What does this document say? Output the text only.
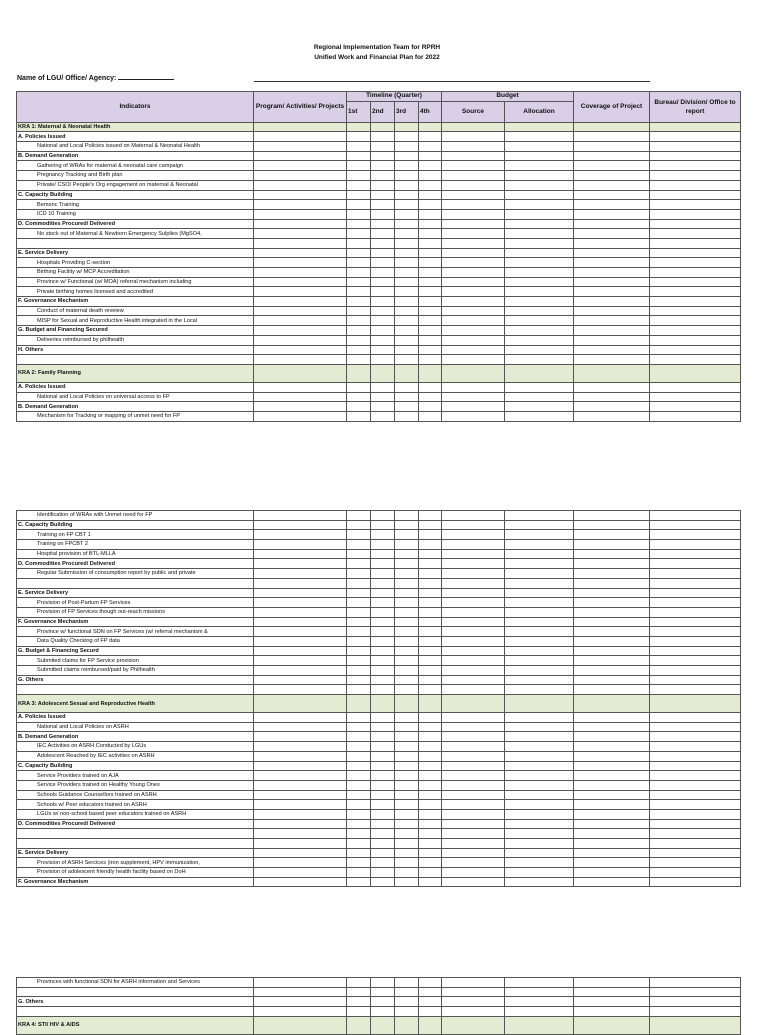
Regional Implementation Team for RPRH
Unified Work and Financial Plan for 2022
Name of LGU/ Office/ Agency:
Indicators	Program/ Activities/ Projects	Timeline (Quarter)				Budget		Coverage of Project	Bureau/ Division/ Office to report
		1st	2nd	3rd	4th	Source	Allocation		
KRA 1: Maternal & Neonatal Health									
A. Policies Issued									
National and Local Policies issued on Maternal & Neonatal Health									
B. Demand Generation									
Gathering of WRAs for maternal & neonatal care campaign									
Pregnancy Tracking and Birth plan									
Private/ CSO/ People's Org engagement on maternal & Neonatal									
C. Capacity Building									
Bemonc Training									
ICD 10 Training									
D. Commodities Procured/ Delivered									
No stock out of Maternal & Newborn Emergency Sulplies (MgSO4,									

E. Service Delivery									
Hospitals Providing C-section									
Birthing Facility w/ MCP Accreditation									
Province w/ Functional (w/ MOA) referral mechanism including									
Private birthing homes licensed and accredited									
F. Governance Mechanism									
Conduct of maternal death reveiew									
MISP for Sexual and Reproductive Health integrated in the Local									
G. Budget and Financing Secured									
Deliveries reimbursed by philhealth									
H. Others									

KRA 2: Family Planning									
A. Policies Issued									
National and Local Policies on universal access to FP									
B. Demand Generation									
Mechanism for Tracking or mapping of unmet need for FP									
Identification of WRAs with Unmet need for FP									
C. Capacity Building									
Training on FP CBT 1									
Traning on FPCBT 2									
Hospital provision of BTL-MLLA									
D. Commodities Procured/ Delivered									
Regular Submission of consumption report by public and private									

E. Service Delivery									
Provision of Post-Partum FP Services									
Provision of FP Services though out-reach missions									
F. Governance Mechanism									
Province w/ functional SDN on FP Services (w/ referral mechanism &									
Data Quality Checking of FP data									
G. Budget & Financing Securd									
Submited claims for FP Service provision									
Submitted claims reimbursed/paid by Philhealth									
G. Others									

KRA 3: Adolescent Sexual and Reproductive Health									
A. Policies Issued									
National and Local Policies on ASRH									
B. Demand Generation									
IEC Activities on ASRH Conducted by LGUs									
Adolescent Reached by IEC activities on ASRH									
C. Capacity Building									
Service Providers trained on AJA									
Service Providers trained on Healthy Young Ones									
Schools Guidance Counsellors trained on ASRH									
Schools w/ Peer educators trained on ASRH									
LGUs w/ non-school based peer educators trained on ASRH									
D. Commodities Procured/ Delivered									

E. Service Delivery									
Provision of ASRH Sercices (iron supplement, HPV immunization,									
Provision of adolescent friendly health facility based on DoH									
F. Governance Mechanism									
Provinces with functional SDN for ASRH information and Services									

G. Others									

KRA 4: STI/ HIV & AIDS									
